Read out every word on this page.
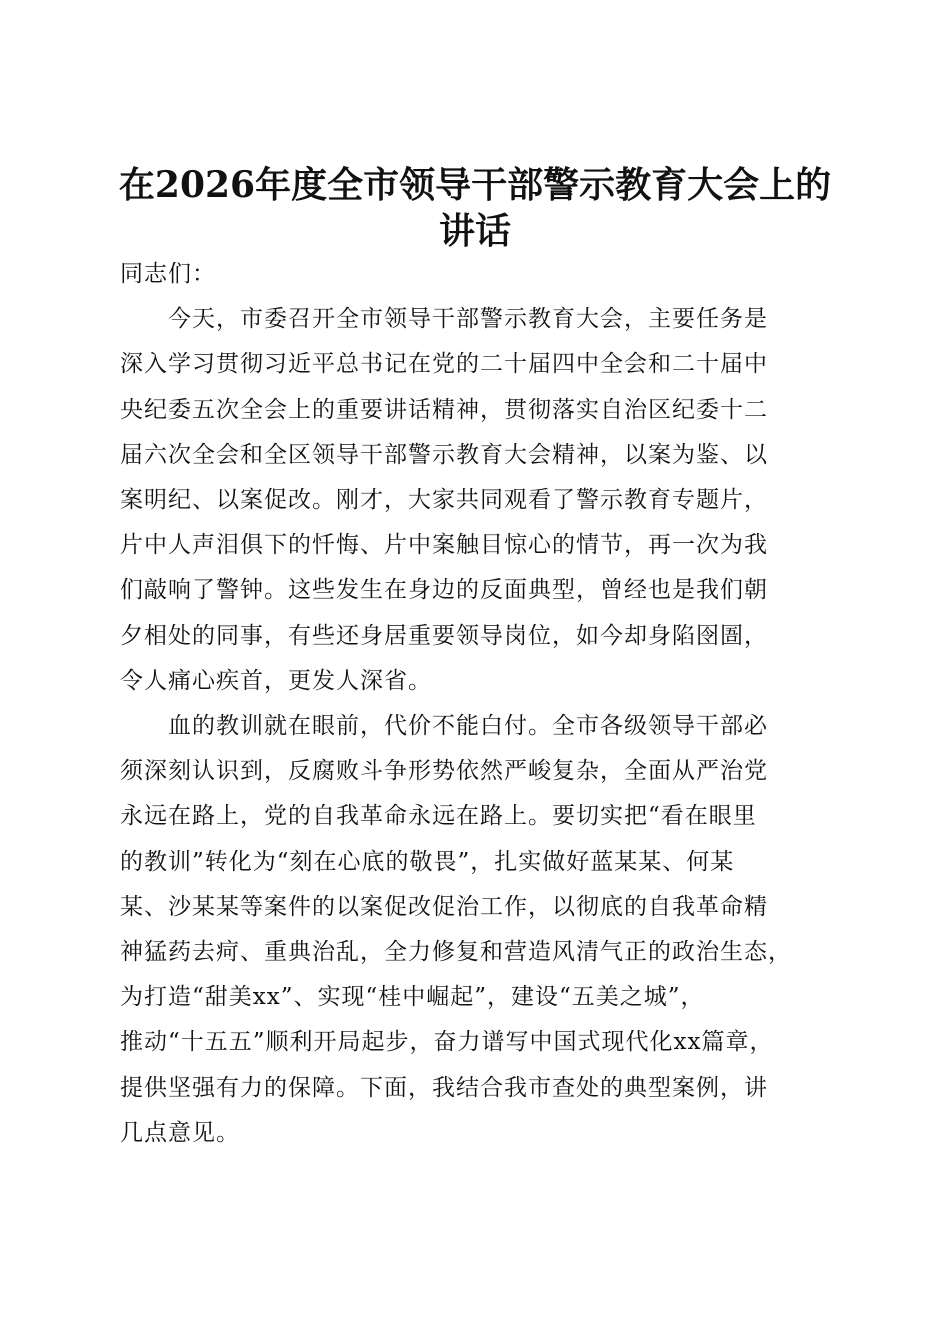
在2026年度全市领导干部警示教育大会上的
讲话

同志们：

今天，市委召开全市领导干部警示教育大会，主要任务是
深入学习贯彻习近平总书记在党的二十届四中全会和二十届中
央纪委五次全会上的重要讲话精神，贯彻落实自治区纪委十二
届六次全会和全区领导干部警示教育大会精神，以案为鉴、以
案明纪、以案促改。刚才，大家共同观看了警示教育专题片，
片中人声泪俱下的忏悔、片中案触目惊心的情节，再一次为我
们敲响了警钟。这些发生在身边的反面典型，曾经也是我们朝
夕相处的同事，有些还身居重要领导岗位，如今却身陷囹圄，
令人痛心疾首，更发人深省。

血的教训就在眼前，代价不能白付。全市各级领导干部必
须深刻认识到，反腐败斗争形势依然严峻复杂，全面从严治党
永远在路上，党的自我革命永远在路上。要切实把“看在眼里
的教训”转化为“刻在心底的敬畏”，扎实做好蓝某某、何某
某、沙某某等案件的以案促改促治工作，以彻底的自我革命精
神猛药去疴、重典治乱，全力修复和营造风清气正的政治生态，
为打造“甜美xx”、实现“桂中崛起”，建设“五美之城”，
推动“十五五”顺利开局起步，奋力谱写中国式现代化xx篇章，
提供坚强有力的保障。下面，我结合我市查处的典型案例，讲
几点意见。
